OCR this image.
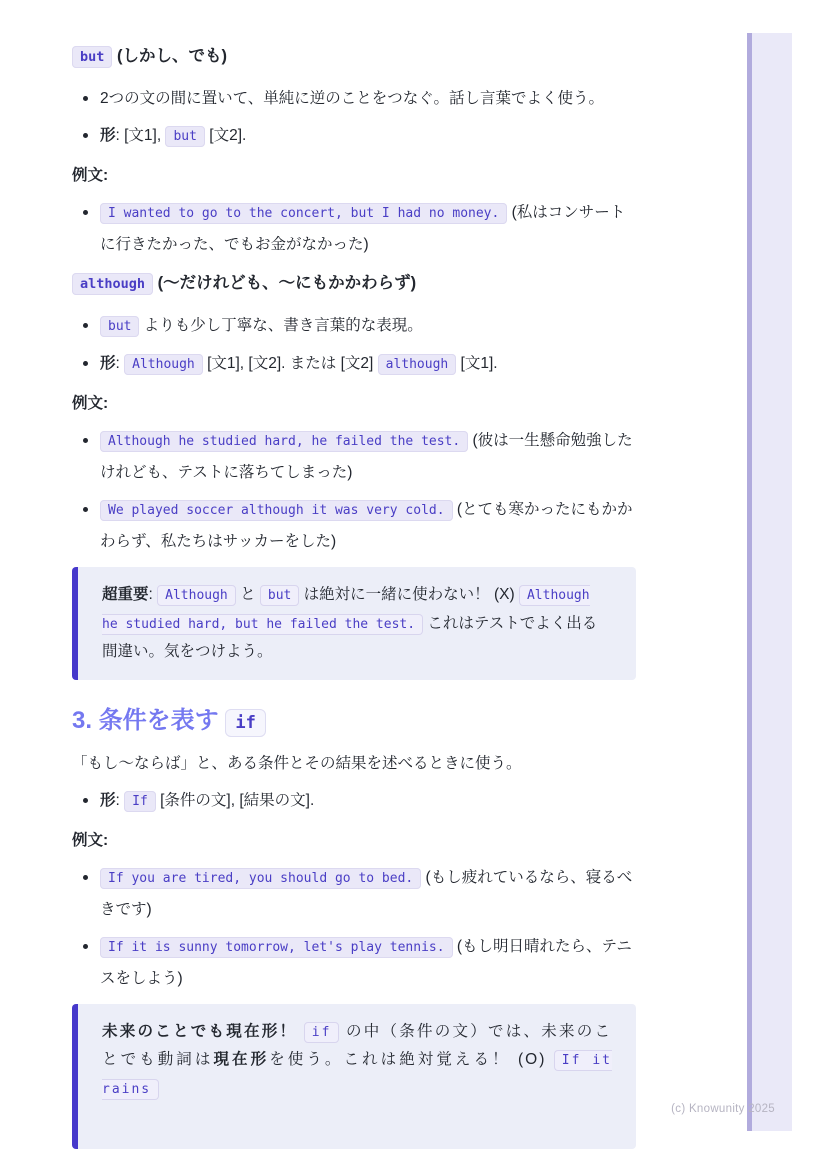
but (しかし、でも)
2つの文の間に置いて、単純に逆のことをつなぐ。話し言葉でよく使う。
形: [文1], but [文2].

例文:

I wanted to go to the concert, but I had no money. (私はコンサートに行きたかった、でもお金がなかった)
although (〜だけれども、〜にもかかわらず)
but よりも少し丁寧な、書き言葉的な表現。
形: Although [文1], [文2]. または [文2] although [文1].

例文:

Although he studied hard, he failed the test. (彼は一生懸命勉強したけれども、テストに落ちてしまった)
We played soccer although it was very cold. (とても寒かったにもかかわらず、私たちはサッカーをした)

超重要: Although と but は絶対に一緒に使わない！ (X) Although he studied hard, but he failed the test. これはテストでよく出る間違い。気をつけよう。

3. 条件を表す if

「もし〜ならば」と、ある条件とその結果を述べるときに使う。

形: If [条件の文], [結果の文].

例文:

If you are tired, you should go to bed. (もし疲れているなら、寝るべきです)
If it is sunny tomorrow, let's play tennis. (もし明日晴れたら、テニスをしよう)

未来のことでも現在形！ if の中（条件の文）では、未来のことでも動詞は現在形を使う。これは絶対覚える！ (O) If it rains

(c) Knowunity 2025
